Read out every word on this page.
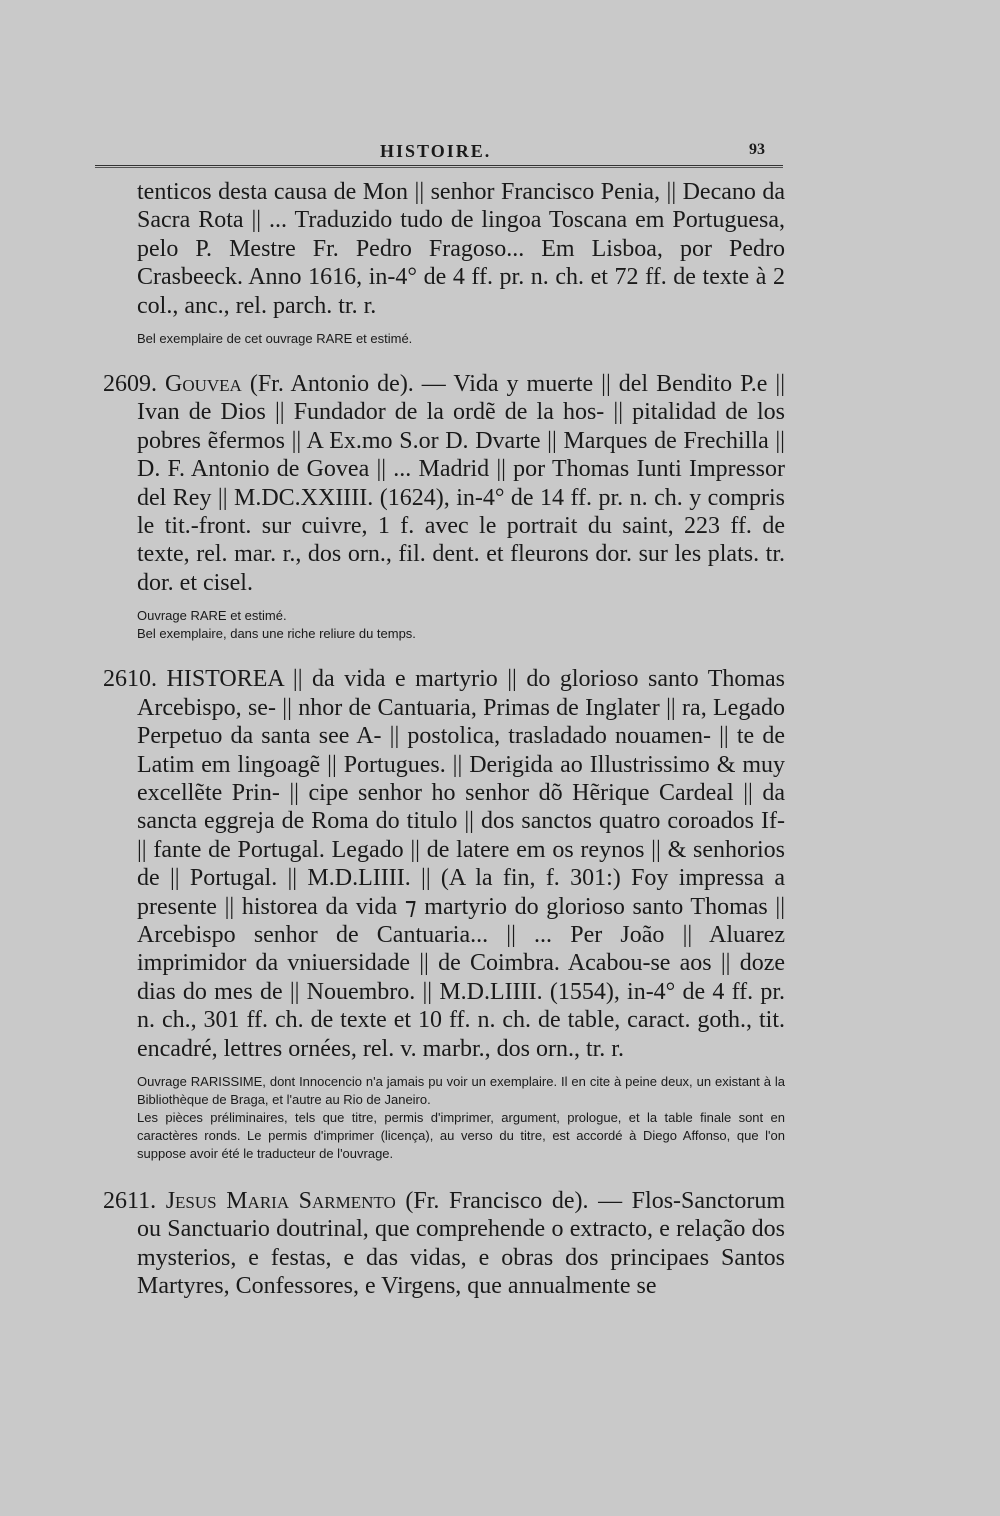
HISTOIRE.	93

tenticos desta causa de Mon || senhor Francisco Penia, || Decano da Sacra Rota || ... Traduzido tudo de lingoa Toscana em Portuguesa, pelo P. Mestre Fr. Pedro Fragoso... Em Lisboa, por Pedro Crasbeeck. Anno 1616, in-4° de 4 ff. pr. n. ch. et 72 ff. de texte à 2 col., anc., rel. parch. tr. r.

Bel exemplaire de cet ouvrage RARE et estimé.

2609. Gouvea (Fr. Antonio de). — Vida y muerte || del Bendito P.e || Ivan de Dios || Fundador de la ordẽ de la hos- || pitalidad de los pobres ẽfermos || A Ex.mo S.or D. Dvarte || Marques de Frechilla || D. F. Antonio de Govea || ... Madrid || por Thomas Iunti Impressor del Rey || M.DC.XXIIII. (1624), in-4° de 14 ff. pr. n. ch. y compris le tit.-front. sur cuivre, 1 f. avec le portrait du saint, 223 ff. de texte, rel. mar. r., dos orn., fil. dent. et fleurons dor. sur les plats. tr. dor. et cisel.

Ouvrage RARE et estimé.

Bel exemplaire, dans une riche reliure du temps.

2610. HISTOREA || da vida e martyrio || do glorioso santo Thomas Arcebispo, se- || nhor de Cantuaria, Primas de Inglater || ra, Legado Perpetuo da santa see A- || postolica, trasladado nouamen- || te de Latim em lingoagẽ || Portugues. || Derigida ao Illustrissimo & muy excellẽte Prin- || cipe senhor ho senhor dõ Hẽrique Cardeal || da sancta eggreja de Roma do titulo || dos sanctos quatro coroados If- || fante de Portugal. Legado || de latere em os reynos || & senhorios de || Portugal. || M.D.LIIII. || (A la fin, f. 301:) Foy impressa a presente || historea da vida ⁊ martyrio do glorioso santo Thomas || Arcebispo senhor de Cantuaria... || ... Per João || Aluarez imprimidor da vniuersidade || de Coimbra. Acabou-se aos || doze dias do mes de || Nouembro. || M.D.LIIII. (1554), in-4° de 4 ff. pr. n. ch., 301 ff. ch. de texte et 10 ff. n. ch. de table, caract. goth., tit. encadré, lettres ornées, rel. v. marbr., dos orn., tr. r.

Ouvrage RARISSIME, dont Innocencio n'a jamais pu voir un exemplaire. Il en cite à peine deux, un existant à la Bibliothèque de Braga, et l'autre au Rio de Janeiro.

Les pièces préliminaires, tels que titre, permis d'imprimer, argument, prologue, et la table finale sont en caractères ronds. Le permis d'imprimer (licença), au verso du titre, est accordé à Diego Affonso, que l'on suppose avoir été le traducteur de l'ouvrage.

2611. Jesus Maria Sarmento (Fr. Francisco de). — Flos-Sanctorum ou Sanctuario doutrinal, que comprehende o extracto, e relação dos mysterios, e festas, e das vidas, e obras dos principaes Santos Martyres, Confessores, e Virgens, que annualmente se
